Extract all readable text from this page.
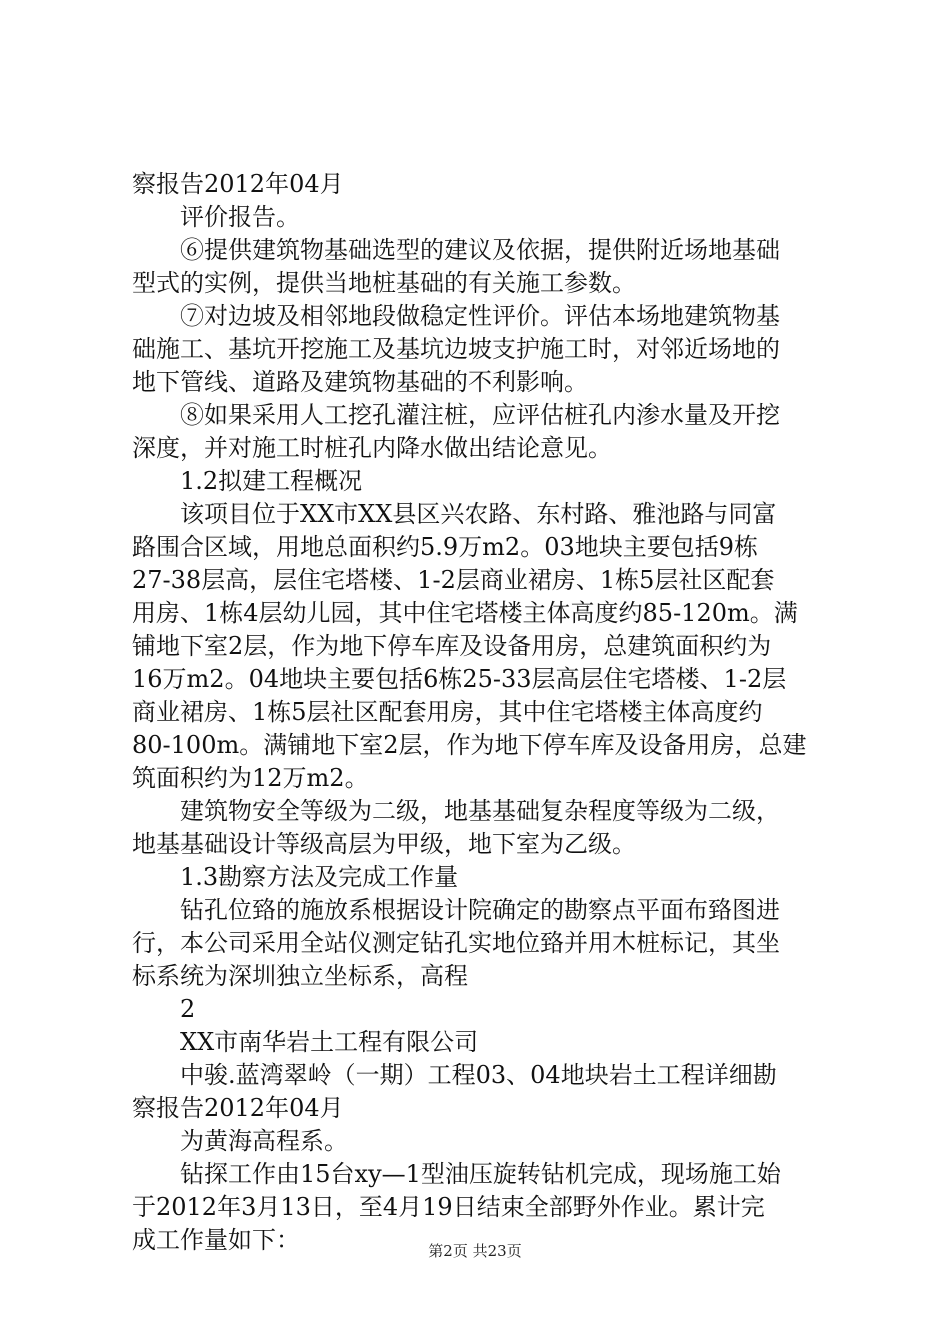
察报告2012年04月

评价报告。

⑥提供建筑物基础选型的建议及依据，提供附近场地基础

型式的实例，提供当地桩基础的有关施工参数。

⑦对边坡及相邻地段做稳定性评价。评估本场地建筑物基

础施工、基坑开挖施工及基坑边坡支护施工时，对邻近场地的

地下管线、道路及建筑物基础的不利影响。

⑧如果采用人工挖孔灌注桩，应评估桩孔内渗水量及开挖

深度，并对施工时桩孔内降水做出结论意见。

1.2拟建工程概况

该项目位于XX市XX县区兴农路、东村路、雅池路与同富

路围合区域，用地总面积约5.9万m2。03地块主要包括9栋

27-38层高，层住宅塔楼、1-2层商业裙房、1栋5层社区配套

用房、1栋4层幼儿园，其中住宅塔楼主体高度约85-120m。满

铺地下室2层，作为地下停车库及设备用房，总建筑面积约为

16万m2。04地块主要包括6栋25-33层高层住宅塔楼、1-2层

商业裙房、1栋5层社区配套用房，其中住宅塔楼主体高度约

80-100m。满铺地下室2层，作为地下停车库及设备用房，总建

筑面积约为12万m2。

建筑物安全等级为二级，地基基础复杂程度等级为二级，

地基基础设计等级高层为甲级，地下室为乙级。

1.3勘察方法及完成工作量

钻孔位臵的施放系根据设计院确定的勘察点平面布臵图进

行，本公司采用全站仪测定钻孔实地位臵并用木桩标记，其坐

标系统为深圳独立坐标系，高程

2

XX市南华岩土工程有限公司

中骏.蓝湾翠岭（一期）工程03、04地块岩土工程详细勘

察报告2012年04月

为黄海高程系。

钻探工作由15台xy—1型油压旋转钻机完成，现场施工始

于2012年3月13日，至4月19日结束全部野外作业。累计完

成工作量如下：	第2页 共23页
